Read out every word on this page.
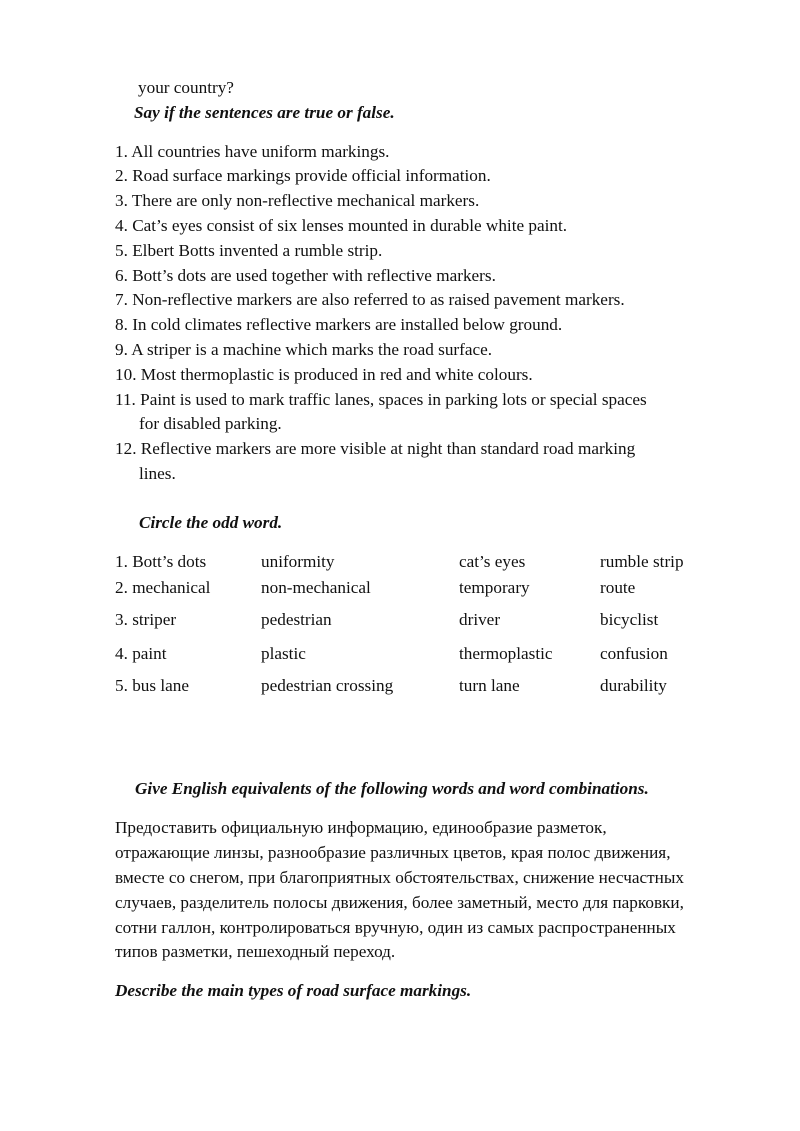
your country?
Say if the sentences are true or false.
1. All countries have uniform markings.
2. Road surface markings provide official information.
3. There are only non-reflective mechanical markers.
4. Cat’s eyes consist of six lenses mounted in durable white paint.
5. Elbert Botts invented a rumble strip.
6. Bott’s dots are used together with reflective markers.
7. Non-reflective markers are also referred to as raised pavement markers.
8. In cold climates reflective markers are installed below ground.
9. A striper is a machine which marks the road surface.
10. Most thermoplastic is produced in red and white colours.
11. Paint is used to mark traffic lanes, spaces in parking lots or special spaces
for disabled parking.
12. Reflective markers are more visible at night than standard road marking
lines.
Circle the odd word.
1. Bott’s dots	uniformity	cat’s eyes	rumble strip
2. mechanical	non-mechanical	temporary	route
3. striper	pedestrian	driver	bicyclist
4. paint	plastic	thermoplastic	confusion
5. bus lane	pedestrian crossing	turn lane	durability
Give English equivalents of the following words and word combinations.
Предоставить официальную информацию, единообразие разметок,
отражающие линзы, разнообразие различных цветов, края полос движения,
вместе со снегом, при благоприятных обстоятельствах, снижение несчастных
случаев, разделитель полосы движения, более заметный, место для парковки,
сотни галлон, контролироваться вручную, один из самых распространенных
типов разметки, пешеходный переход.
Describe the main types of road surface markings.
